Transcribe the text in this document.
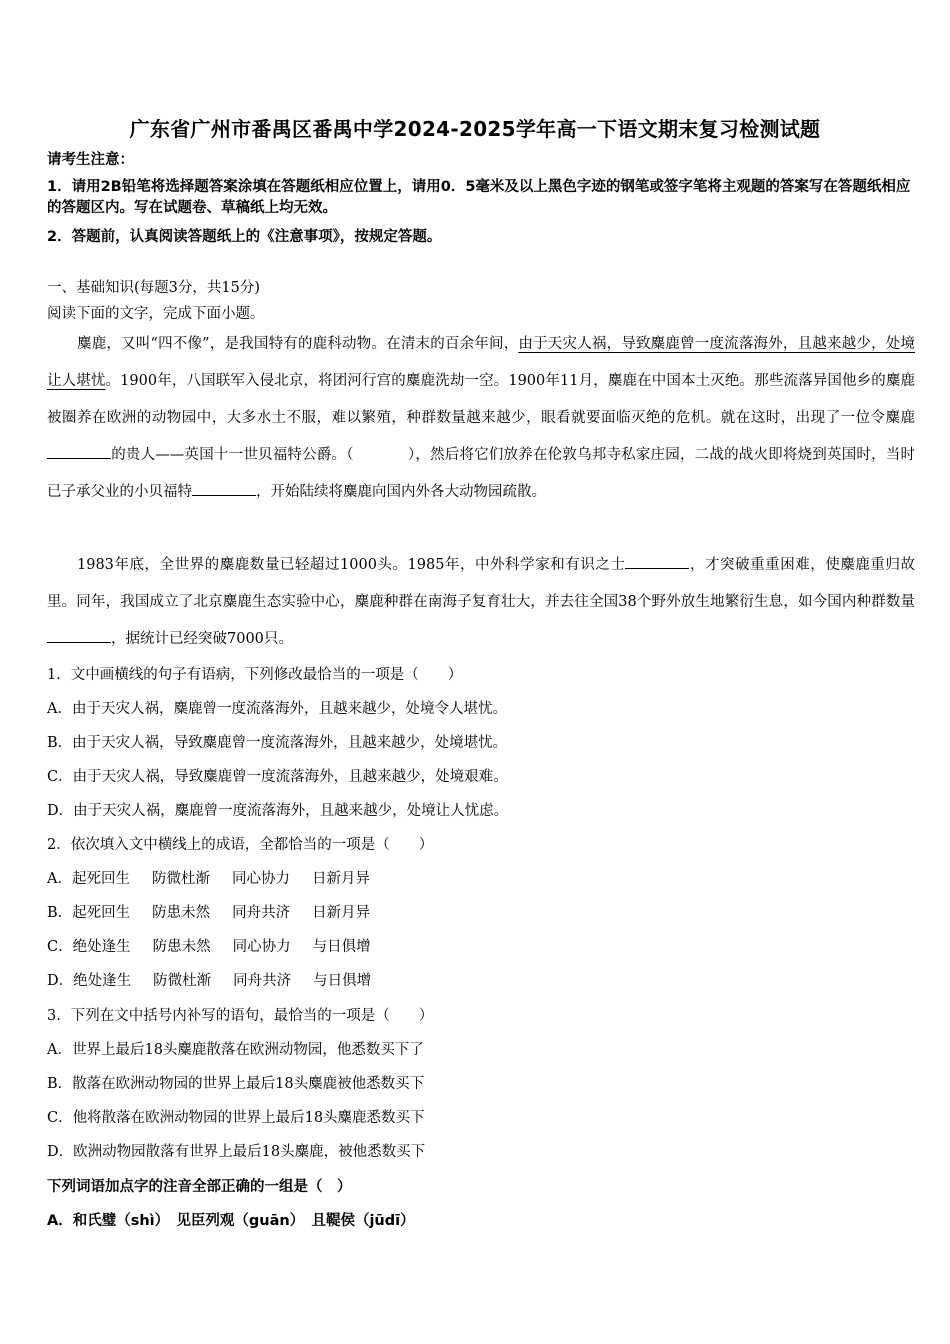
广东省广州市番禺区番禺中学2024-2025学年高一下语文期末复习检测试题
请考生注意：
1．请用2B铅笔将选择题答案涂填在答题纸相应位置上，请用0．5毫米及以上黑色字迹的钢笔或签字笔将主观题的答案写在答题纸相应的答题区内。写在试题卷、草稿纸上均无效。
2．答题前，认真阅读答题纸上的《注意事项》，按规定答题。
一、基础知识(每题3分，共15分)
阅读下面的文字，完成下面小题。
麋鹿，又叫“四不像”，是我国特有的鹿科动物。在清末的百余年间，由于天灾人祸，导致麋鹿曾一度流落海外，且越来越少，处境让人堪忧。1900年，八国联军入侵北京，将团河行宫的麋鹿洗劫一空。1900年11月，麋鹿在中国本土灭绝。那些流落异国他乡的麋鹿被圈养在欧洲的动物园中，大多水土不服，难以繁殖，种群数量越来越少，眼看就要面临灭绝的危机。就在这时，出现了一位令麋鹿的贵人——英国十一世贝福特公爵。（	），然后将它们放养在伦敦乌邦寺私家庄园，二战的战火即将烧到英国时，当时已子承父业的小贝福特	，开始陆续将麋鹿向国内外各大动物园疏散。
1983年底，全世界的麋鹿数量已轻超过1000头。1985年，中外科学家和有识之士	，才突破重重困难，使麋鹿重归故里。同年，我国成立了北京麋鹿生态实验中心，麋鹿种群在南海子复育壮大，并去往全国38个野外放生地繁衍生息，如今国内种群数量，据统计已经突破7000只。
1．文中画横线的句子有语病，下列修改最恰当的一项是（　　）
A．由于天灾人祸，麋鹿曾一度流落海外，且越来越少，处境令人堪忧。
B．由于天灾人祸，导致麋鹿曾一度流落海外，且越来越少，处境堪忧。
C．由于天灾人祸，导致麋鹿曾一度流落海外，且越来越少，处境艰难。
D．由于天灾人祸，麋鹿曾一度流落海外，且越来越少，处境让人忧虑。
2．依次填入文中横线上的成语，全都恰当的一项是（　　）
A．起死回生 防微杜渐 同心协力 日新月异
B．起死回生 防患未然 同舟共济 日新月异
C．绝处逢生 防患未然 同心协力 与日俱增
D．绝处逢生 防微杜渐 同舟共济 与日俱增
3．下列在文中括号内补写的语句，最恰当的一项是（　　）
A．世界上最后18头麋鹿散落在欧洲动物园，他悉数买下了
B．散落在欧洲动物园的世界上最后18头麋鹿被他悉数买下
C．他将散落在欧洲动物园的世界上最后18头麋鹿悉数买下
D．欧洲动物园散落有世界上最后18头麋鹿，被他悉数买下
下列词语加点字的注音全部正确的一组是（　）
A．和氏璧（shì）　见臣列观（guān）　且鞮侯（jūdī）
